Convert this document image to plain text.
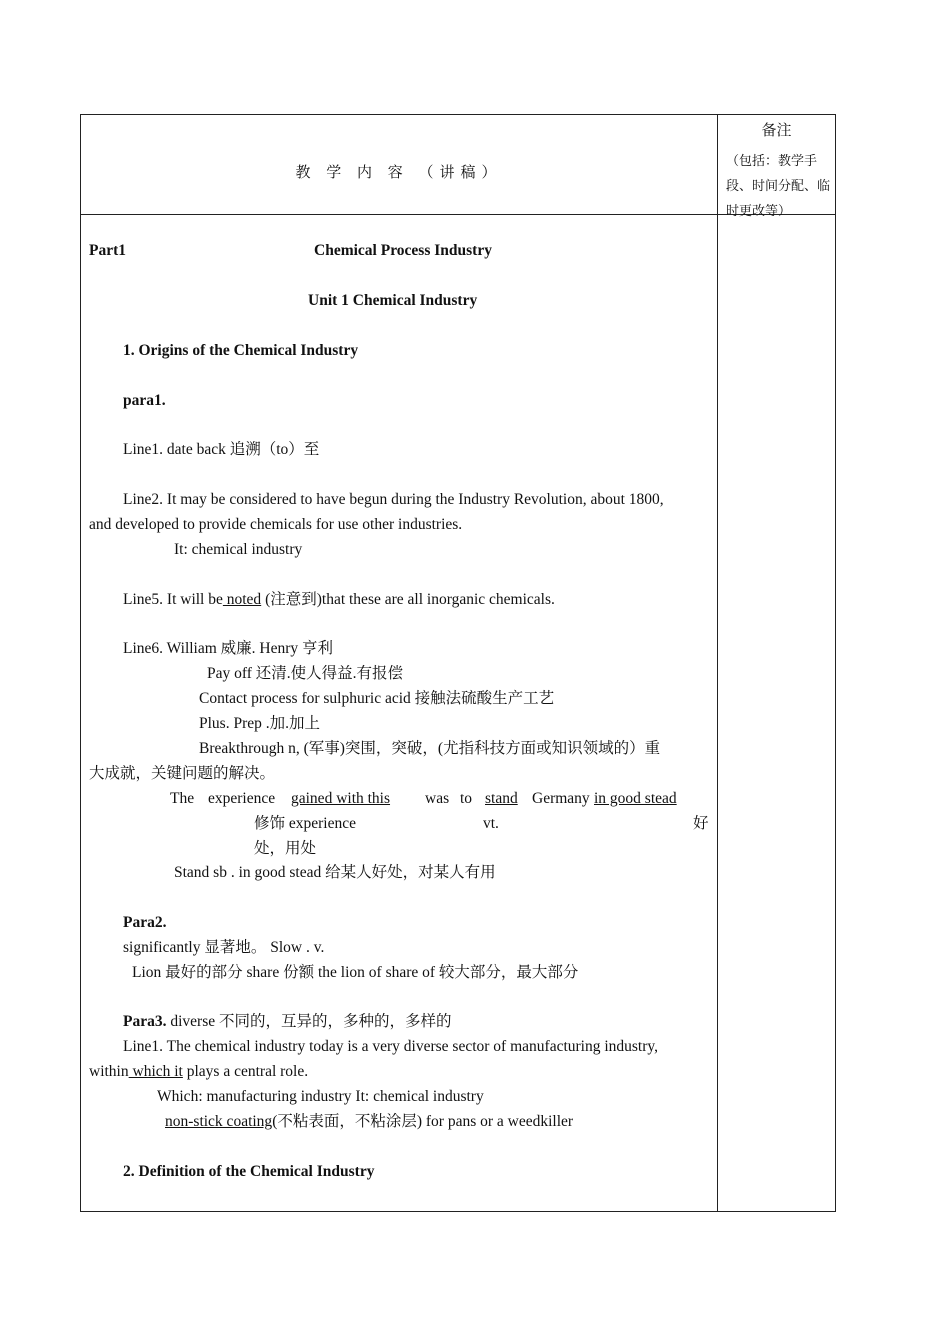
教 学 内 容 （讲稿）
备注
（包括：教学手段、时间分配、临时更改等）
Part1	Chemical Process Industry
Unit 1 Chemical Industry
1. Origins of the Chemical Industry
para1.
Line1. date back 追溯（to）至
Line2. It may be considered to have begun during the Industry Revolution, about 1800,
and developed to provide chemicals for use other industries.
It: chemical industry
Line5. It will be noted (注意到)that these are all inorganic chemicals.
Line6. William 威廉. Henry 亨利
Pay off 还清.使人得益.有报偿
Contact process for sulphuric acid 接触法硫酸生产工艺
Plus. Prep .加.加上
Breakthrough n, (军事)突围，突破，(尤指科技方面或知识领域的）重
大成就，关键问题的解决。
The experience gained with this was to stand Germany in good stead
修饰 experience	vt.	好
处，用处
Stand sb . in good stead 给某人好处，对某人有用
Para2.
significantly 显著地。 Slow . v.
Lion 最好的部分 share 份额 the lion of share of 较大部分，最大部分
Para3. diverse 不同的，互异的，多种的，多样的
Line1. The chemical industry today is a very diverse sector of manufacturing industry,
within which it plays a central role.
Which: manufacturing industry It: chemical industry
non-stick coating(不粘表面，不粘涂层) for pans or a weedkiller
2. Definition of the Chemical Industry
